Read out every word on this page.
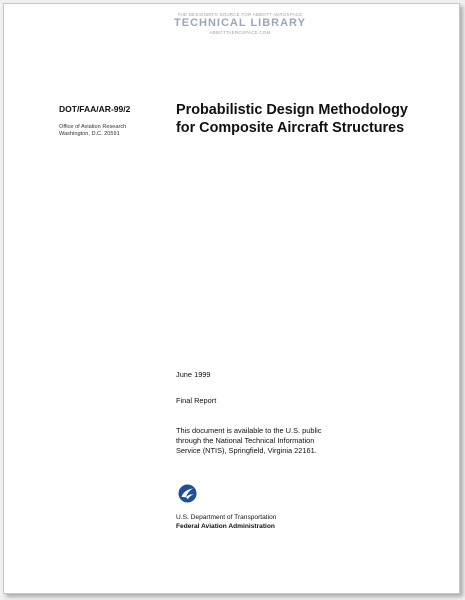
THE DESIGNER'S SOURCE FOR ABBOTT AEROSPACE
TECHNICAL LIBRARY
ABBOTTAEROSPACE.COM
DOT/FAA/AR-99/2
Office of Aviation Research
Washington, D.C. 20591
Probabilistic Design Methodology
for Composite Aircraft Structures
June 1999
Final Report
This document is available to the U.S. public
through the National Technical Information
Service (NTIS), Springfield, Virginia 22161.
U.S. Department of Transportation
Federal Aviation Administration
